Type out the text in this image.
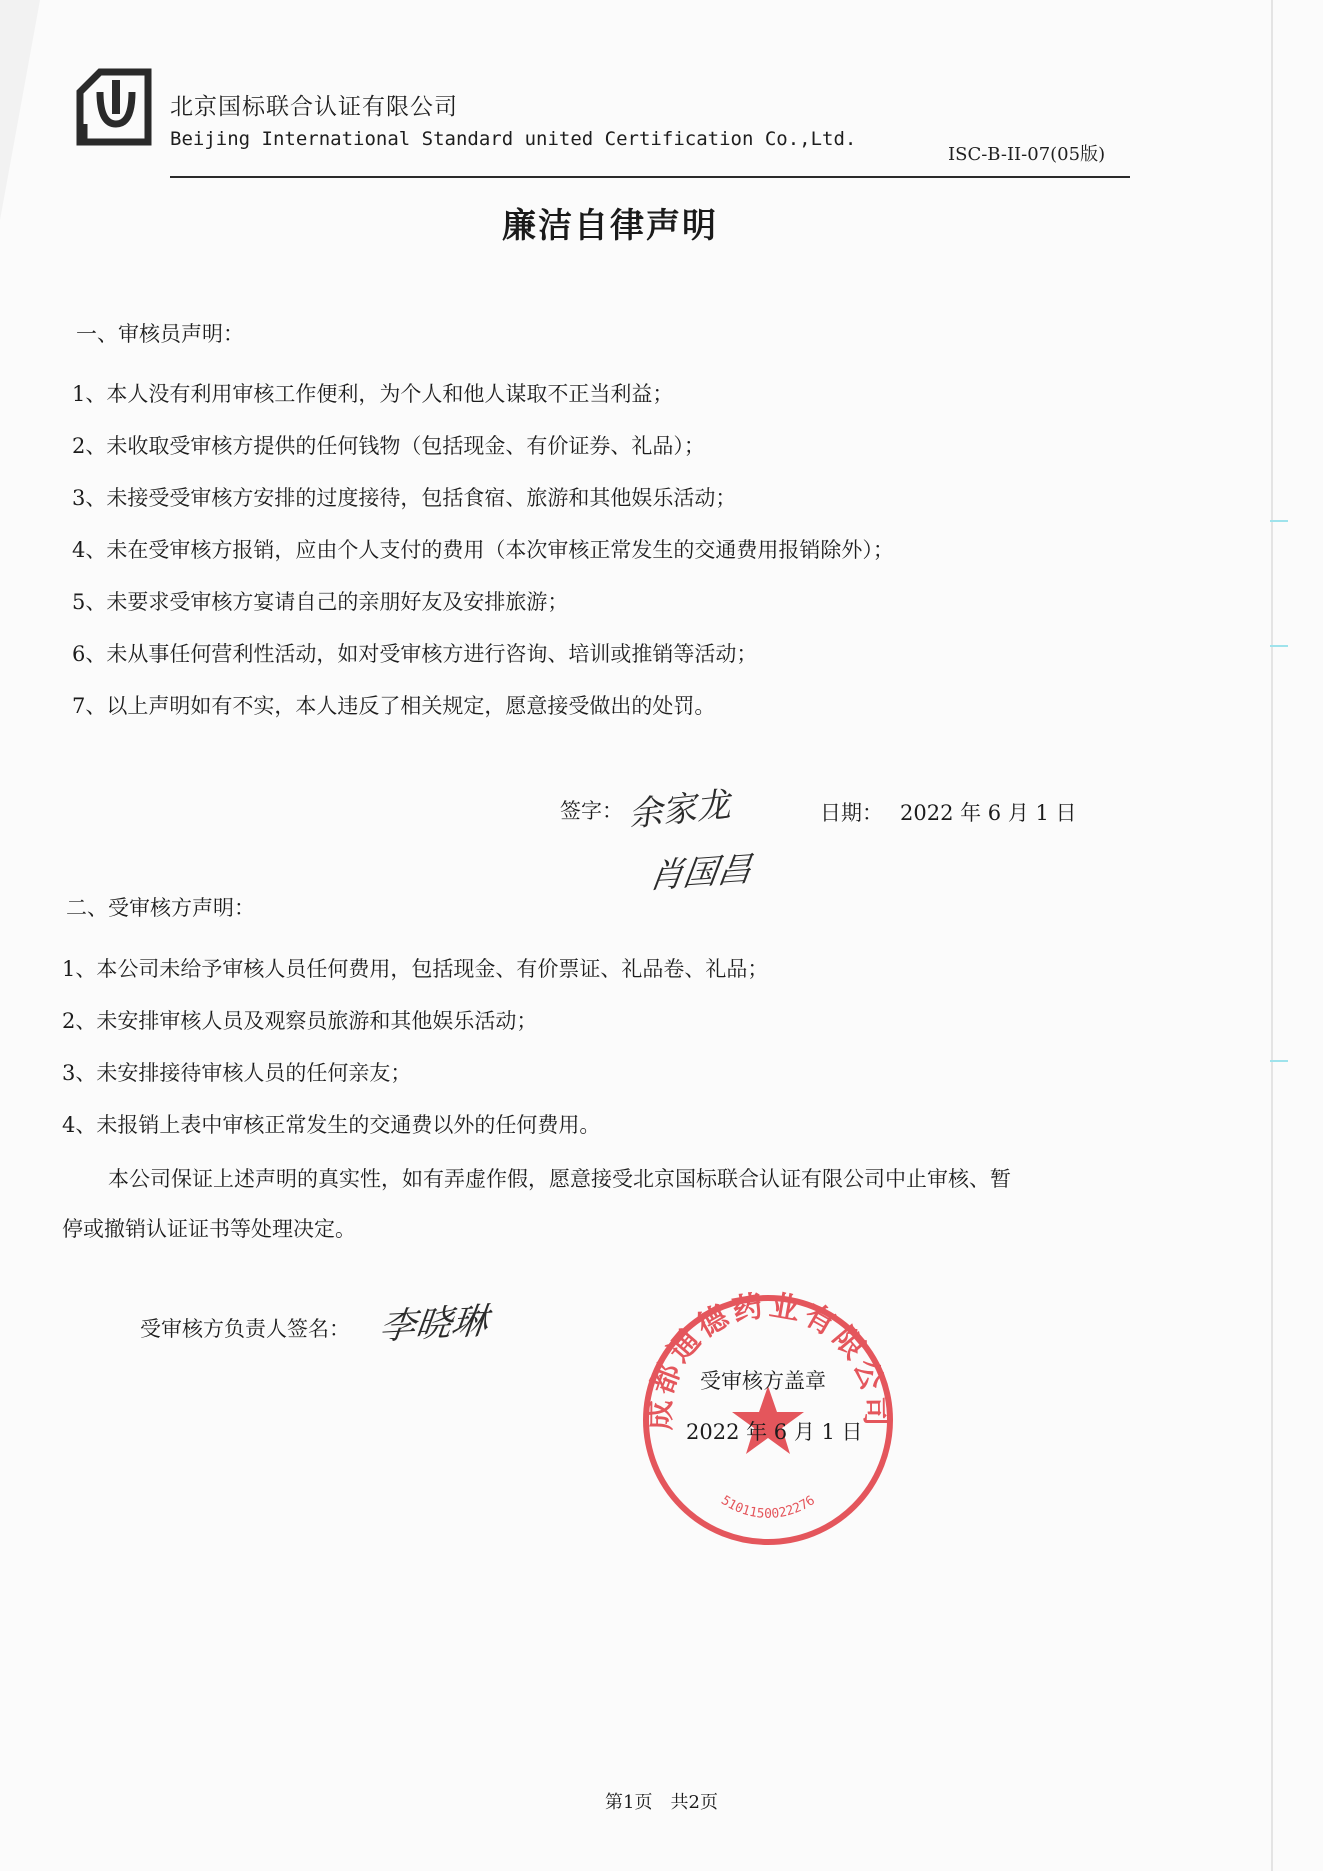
北京国标联合认证有限公司
Beijing International Standard united Certification Co.,Ltd.
ISC-B-II-07(05版)
廉洁自律声明
一、审核员声明：
1、本人没有利用审核工作便利，为个人和他人谋取不正当利益；
2、未收取受审核方提供的任何钱物（包括现金、有价证券、礼品）；
3、未接受受审核方安排的过度接待，包括食宿、旅游和其他娱乐活动；
4、未在受审核方报销，应由个人支付的费用（本次审核正常发生的交通费用报销除外）；
5、未要求受审核方宴请自己的亲朋好友及安排旅游；
6、未从事任何营利性活动，如对受审核方进行咨询、培训或推销等活动；
7、以上声明如有不实，本人违反了相关规定，愿意接受做出的处罚。
签字： 余家龙
肖国昌
日期： 2022 年 6 月 1 日
二、受审核方声明：
1、本公司未给予审核人员任何费用，包括现金、有价票证、礼品卷、礼品；
2、未安排审核人员及观察员旅游和其他娱乐活动；
3、未安排接待审核人员的任何亲友；
4、未报销上表中审核正常发生的交通费以外的任何费用。
本公司保证上述声明的真实性，如有弄虚作假，愿意接受北京国标联合认证有限公司中止审核、暂
停或撤销认证证书等处理决定。
受审核方负责人签名： 李晓琳
成都通德药业有限公司
5101150022276
受审核方盖章
2022 年 6 月 1 日
第1页　共2页
